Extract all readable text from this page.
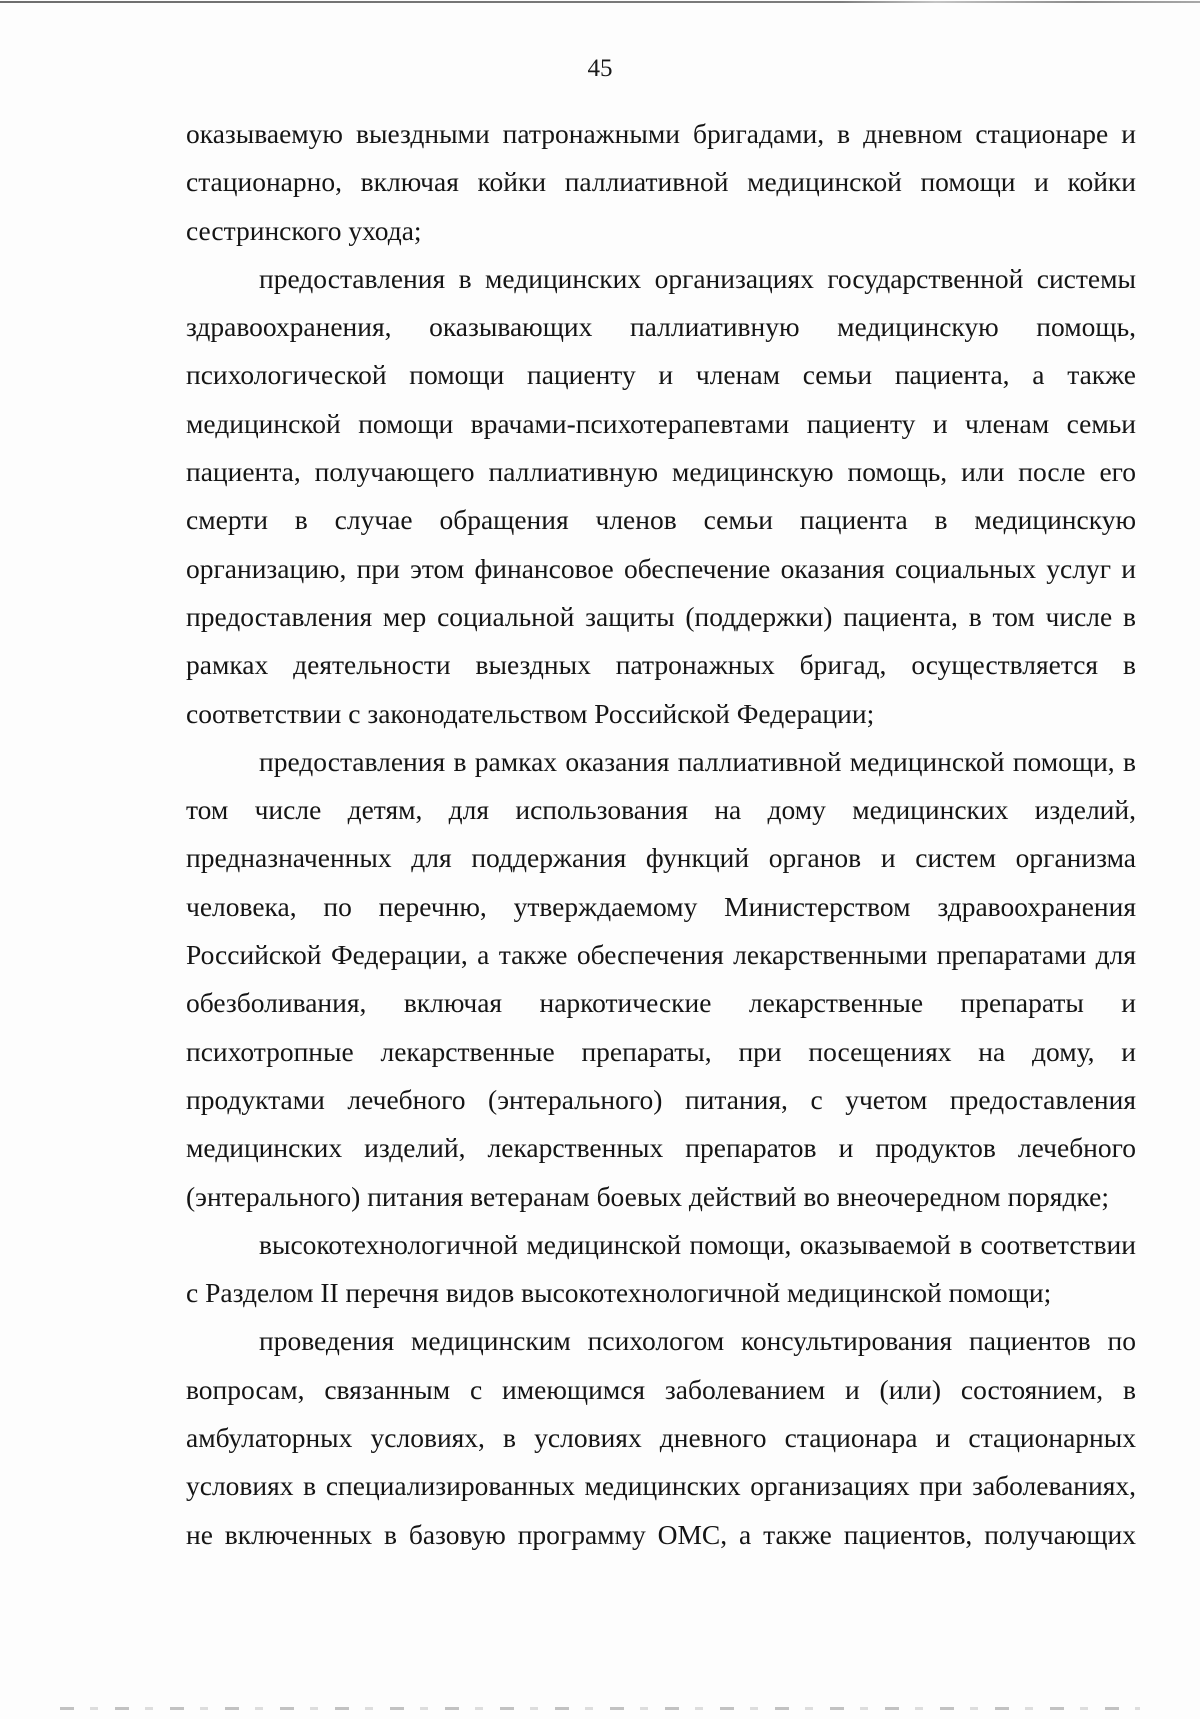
45

оказываемую выездными патронажными бригадами, в дневном стационаре и стационарно, включая койки паллиативной медицинской помощи и койки сестринского ухода;

предоставления в медицинских организациях государственной системы здравоохранения, оказывающих паллиативную медицинскую помощь, психологической помощи пациенту и членам семьи пациента, а также медицинской помощи врачами-психотерапевтами пациенту и членам семьи пациента, получающего паллиативную медицинскую помощь, или после его смерти в случае обращения членов семьи пациента в медицинскую организацию, при этом финансовое обеспечение оказания социальных услуг и предоставления мер социальной защиты (поддержки) пациента, в том числе в рамках деятельности выездных патронажных бригад, осуществляется в соответствии с законодательством Российской Федерации;

предоставления в рамках оказания паллиативной медицинской помощи, в том числе детям, для использования на дому медицинских изделий, предназначенных для поддержания функций органов и систем организма человека, по перечню, утверждаемому Министерством здравоохранения Российской Федерации, а также обеспечения лекарственными препаратами для обезболивания, включая наркотические лекарственные препараты и психотропные лекарственные препараты, при посещениях на дому, и продуктами лечебного (энтерального) питания, с учетом предоставления медицинских изделий, лекарственных препаратов и продуктов лечебного (энтерального) питания ветеранам боевых действий во внеочередном порядке;

высокотехнологичной медицинской помощи, оказываемой в соответствии с Разделом II перечня видов высокотехнологичной медицинской помощи;

проведения медицинским психологом консультирования пациентов по вопросам, связанным с имеющимся заболеванием и (или) состоянием, в амбулаторных условиях, в условиях дневного стационара и стационарных условиях в специализированных медицинских организациях при заболеваниях, не включенных в базовую программу ОМС, а также пациентов, получающих
